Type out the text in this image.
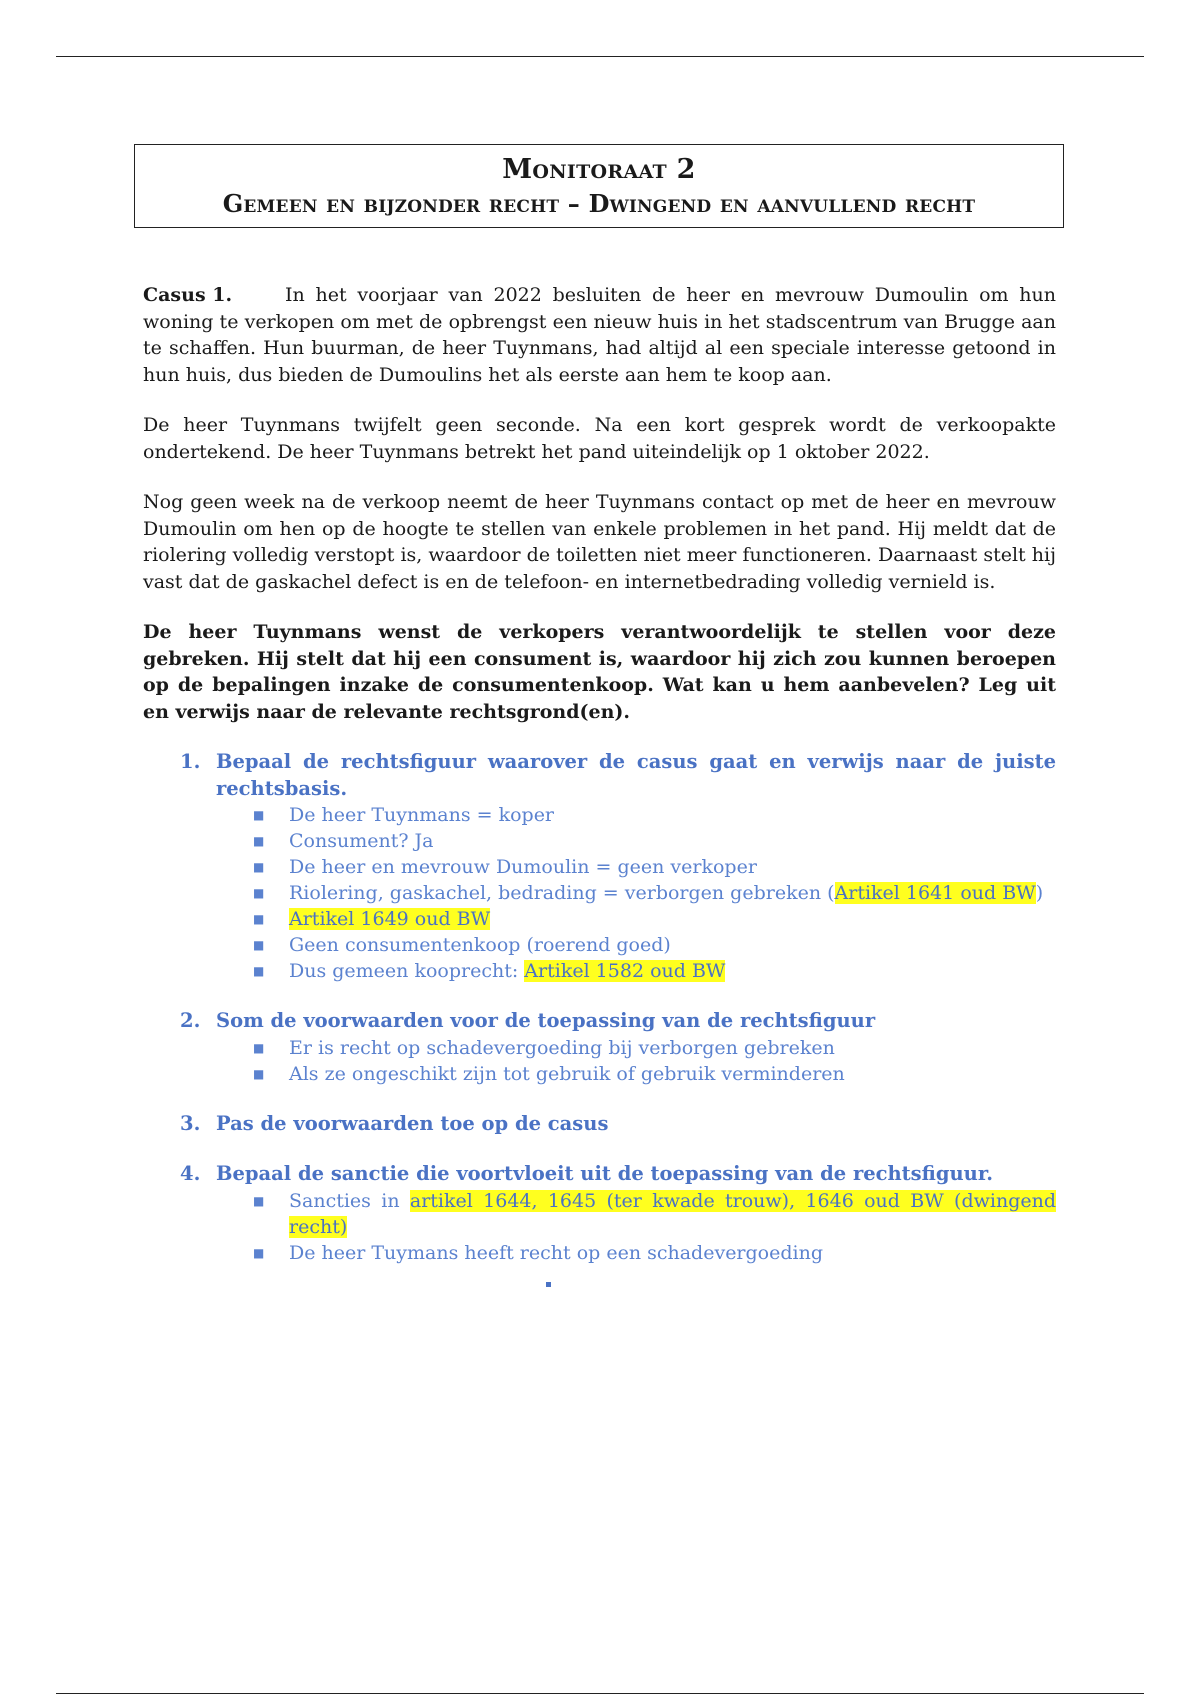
Monitoraat 2
Gemeen en bijzonder recht – Dwingend en aanvullend recht

Casus 1.	In het voorjaar van 2022 besluiten de heer en mevrouw Dumoulin om hun woning te verkopen om met de opbrengst een nieuw huis in het stadscentrum van Brugge aan te schaffen. Hun buurman, de heer Tuynmans, had altijd al een speciale interesse getoond in hun huis, dus bieden de Dumoulins het als eerste aan hem te koop aan.

De heer Tuynmans twijfelt geen seconde. Na een kort gesprek wordt de verkoopakte ondertekend. De heer Tuynmans betrekt het pand uiteindelijk op 1 oktober 2022.

Nog geen week na de verkoop neemt de heer Tuynmans contact op met de heer en mevrouw Dumoulin om hen op de hoogte te stellen van enkele problemen in het pand. Hij meldt dat de riolering volledig verstopt is, waardoor de toiletten niet meer functioneren. Daarnaast stelt hij vast dat de gaskachel defect is en de telefoon- en internetbedrading volledig vernield is.

De heer Tuynmans wenst de verkopers verantwoordelijk te stellen voor deze gebreken. Hij stelt dat hij een consument is, waardoor hij zich zou kunnen beroepen op de bepalingen inzake de consumentenkoop. Wat kan u hem aanbevelen? Leg uit en verwijs naar de relevante rechtsgrond(en).

1. Bepaal de rechtsfiguur waarover de casus gaat en verwijs naar de juiste rechtsbasis.
■	De heer Tuynmans = koper
■	Consument? Ja
■	De heer en mevrouw Dumoulin = geen verkoper
■	Riolering, gaskachel, bedrading = verborgen gebreken (Artikel 1641 oud BW)
■	Artikel 1649 oud BW
■	Geen consumentenkoop (roerend goed)
■	Dus gemeen kooprecht: Artikel 1582 oud BW
2. Som de voorwaarden voor de toepassing van de rechtsfiguur
■	Er is recht op schadevergoeding bij verborgen gebreken
■	Als ze ongeschikt zijn tot gebruik of gebruik verminderen
3. Pas de voorwaarden toe op de casus
4. Bepaal de sanctie die voortvloeit uit de toepassing van de rechtsfiguur.
■	Sancties in artikel 1644, 1645 (ter kwade trouw), 1646 oud BW (dwingend recht)
■	De heer Tuymans heeft recht op een schadevergoeding
